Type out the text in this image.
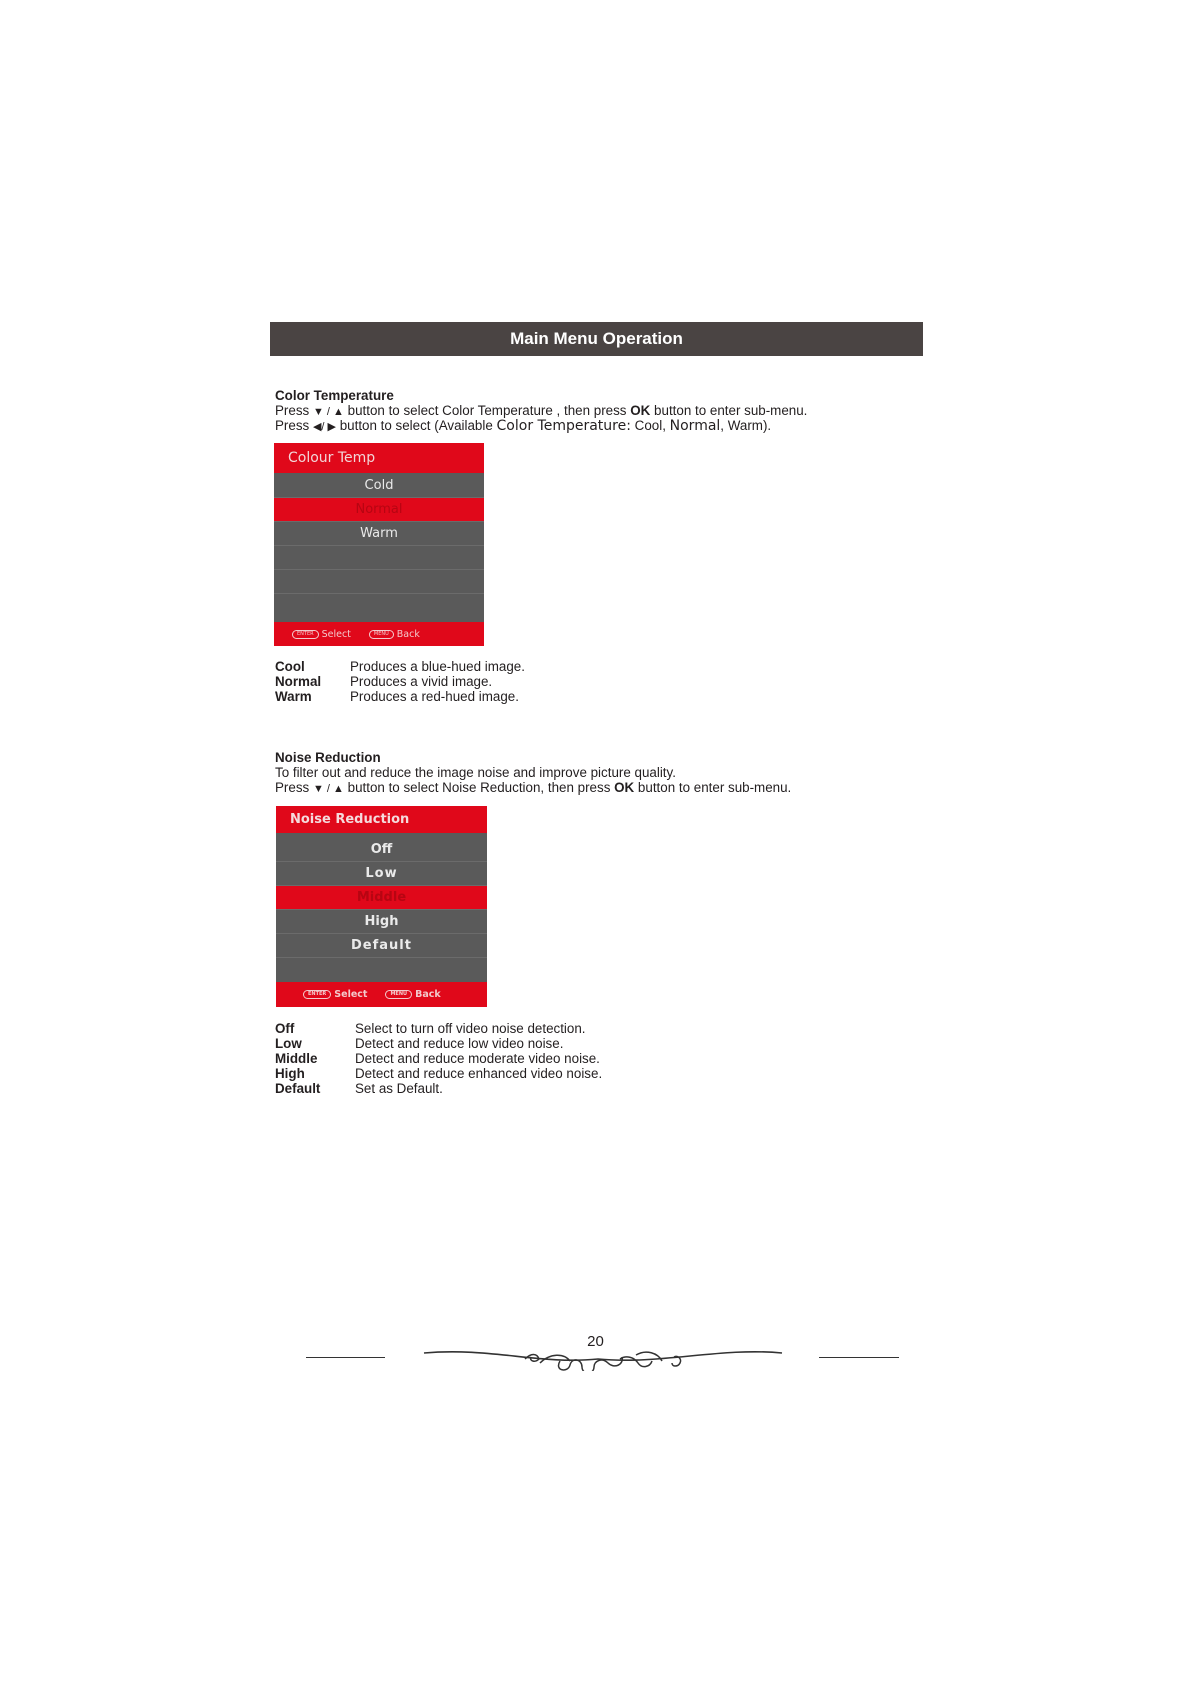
Main Menu Operation
Color Temperature
Press ▼ / ▲ button to select Color Temperature , then press OK button to enter sub-menu.
Press ◀/ ▶ button to select (Available Color Temperature: Cool, Normal, Warm).
Colour Temp
Cold
Normal
Warm
ENTER Select	MENU Back
Cool	Produces a blue-hued image.
Normal Produces a vivid image.
Warm	Produces a red-hued image.
Noise Reduction
To filter out and reduce the image noise and improve picture quality.
Press ▼ / ▲ button to select Noise Reduction, then press OK button to enter sub-menu.
Noise Reduction
Off
Low
Middle
High
Default
ENTER Select	MENU Back
Off	Select to turn off video noise detection.
Low	Detect and reduce low video noise.
Middle	Detect and reduce moderate video noise.
High	Detect and reduce enhanced video noise.
Default	Set as Default.
20
